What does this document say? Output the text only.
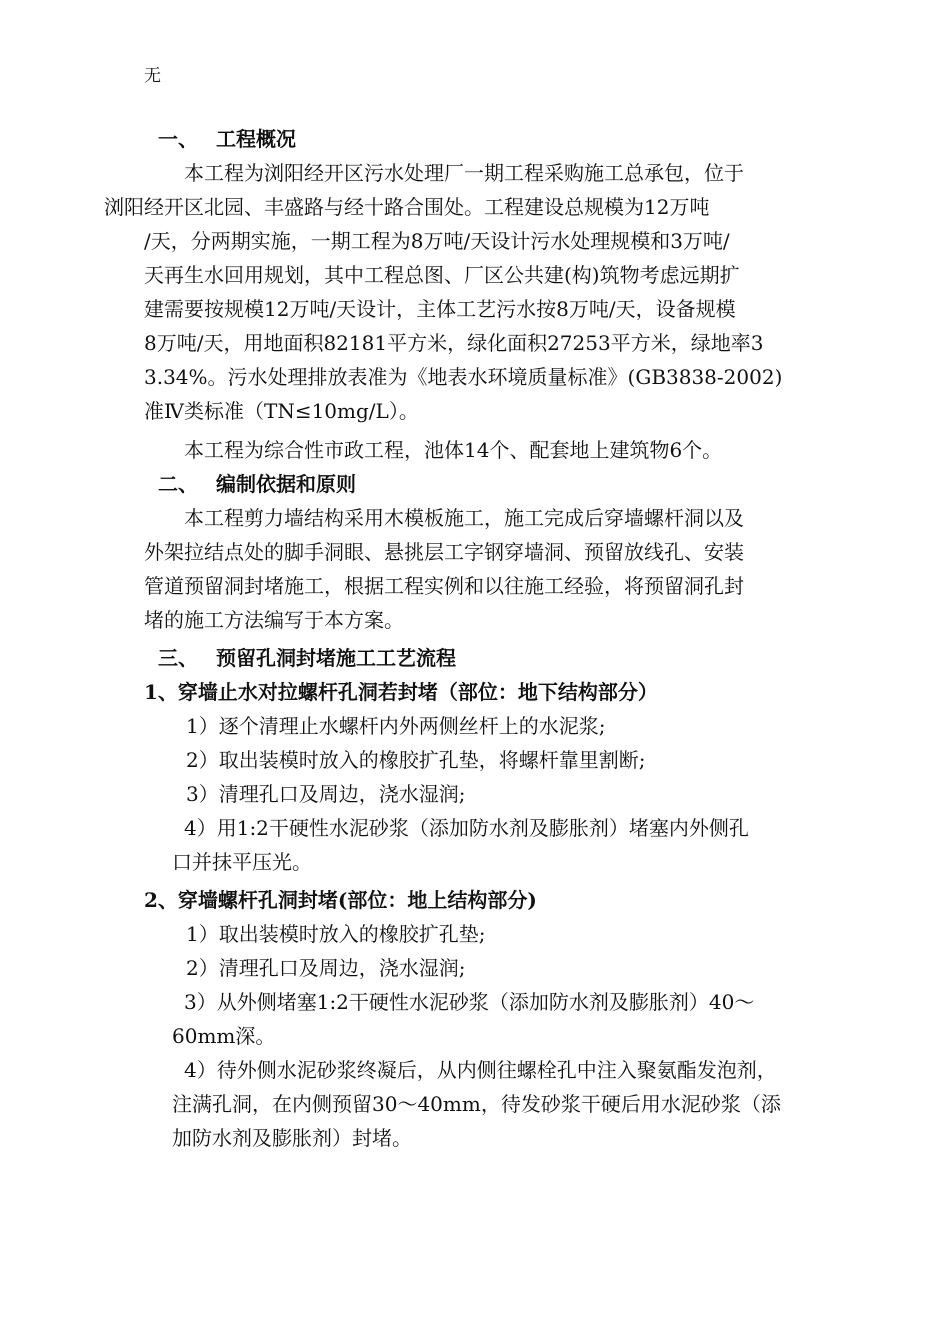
无
一、 工程概况
本工程为浏阳经开区污水处理厂一期工程采购施工总承包，位于
浏阳经开区北园、丰盛路与经十路合围处。工程建设总规模为12万吨
/天，分两期实施，一期工程为8万吨/天设计污水处理规模和3万吨/
天再生水回用规划，其中工程总图、厂区公共建(构)筑物考虑远期扩
建需要按规模12万吨/天设计，主体工艺污水按8万吨/天，设备规模
8万吨/天，用地面积82181平方米，绿化面积27253平方米，绿地率3
3.34%。污水处理排放表准为《地表水环境质量标准》(GB3838-2002)
准Ⅳ类标准（TN≤10mg/L）。
本工程为综合性市政工程，池体14个、配套地上建筑物6个。
二、 编制依据和原则
本工程剪力墙结构采用木模板施工，施工完成后穿墙螺杆洞以及
外架拉结点处的脚手洞眼、悬挑层工字钢穿墙洞、预留放线孔、安装
管道预留洞封堵施工，根据工程实例和以往施工经验，将预留洞孔封
堵的施工方法编写于本方案。
三、 预留孔洞封堵施工工艺流程
1、穿墙止水对拉螺杆孔洞若封堵（部位：地下结构部分）
1）逐个清理止水螺杆内外两侧丝杆上的水泥浆;
2）取出装模时放入的橡胶扩孔垫，将螺杆靠里割断;
3）清理孔口及周边，浇水湿润;
4）用1:2干硬性水泥砂浆（添加防水剂及膨胀剂）堵塞内外侧孔
口并抹平压光。
2、穿墙螺杆孔洞封堵(部位：地上结构部分)
1）取出装模时放入的橡胶扩孔垫;
2）清理孔口及周边，浇水湿润;
3）从外侧堵塞1:2干硬性水泥砂浆（添加防水剂及膨胀剂）40～
60mm深。
4）待外侧水泥砂浆终凝后，从内侧往螺栓孔中注入聚氨酯发泡剂，
注满孔洞，在内侧预留30～40mm，待发砂浆干硬后用水泥砂浆（添
加防水剂及膨胀剂）封堵。
